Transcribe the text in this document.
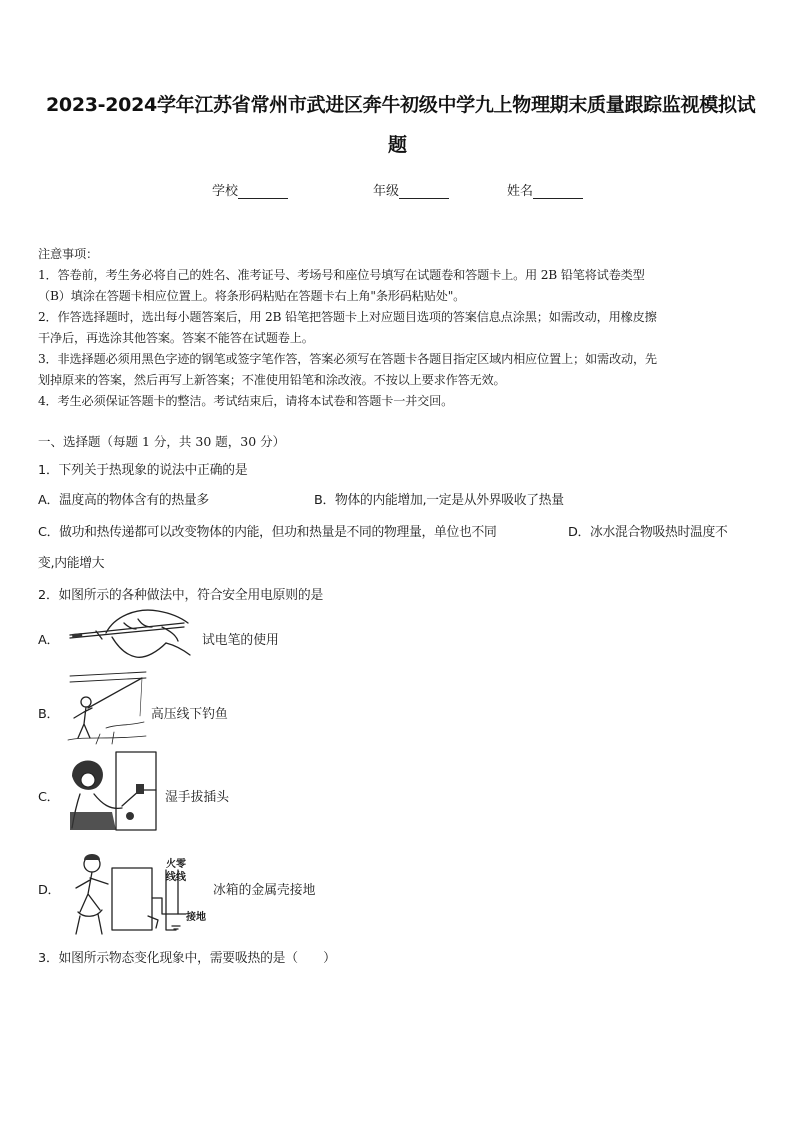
2023-2024学年江苏省常州市武进区奔牛初级中学九上物理期末质量跟踪监视模拟试
题
学校	年级	姓名
注意事项：
1．答卷前，考生务必将自己的姓名、准考证号、考场号和座位号填写在试题卷和答题卡上。用 2B 铅笔将试卷类型
（B）填涂在答题卡相应位置上。将条形码粘贴在答题卡右上角"条形码粘贴处"。
2．作答选择题时，选出每小题答案后，用 2B 铅笔把答题卡上对应题目选项的答案信息点涂黑；如需改动，用橡皮擦
干净后，再选涂其他答案。答案不能答在试题卷上。
3．非选择题必须用黑色字迹的钢笔或签字笔作答，答案必须写在答题卡各题目指定区域内相应位置上；如需改动，先
划掉原来的答案，然后再写上新答案；不准使用铅笔和涂改液。不按以上要求作答无效。
4．考生必须保证答题卡的整洁。考试结束后，请将本试卷和答题卡一并交回。
一、选择题（每题 1 分，共 30 题，30 分）
1．下列关于热现象的说法中正确的是
A．温度高的物体含有的热量多	B．物体的内能增加,一定是从外界吸收了热量
C．做功和热传递都可以改变物体的内能，但功和热量是不同的物理量，单位也不同	D．冰水混合物吸热时温度不
变,内能增大
2．如图所示的各种做法中，符合安全用电原则的是
A．	试电笔的使用
B．	高压线下钓鱼
C．	湿手拔插头
D．
火零
线线
接地
冰箱的金属壳接地
3．如图所示物态变化现象中，需要吸热的是（　　）
